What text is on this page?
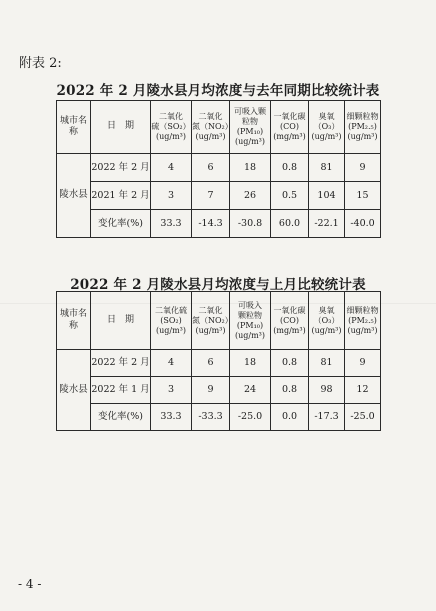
附表 2:
2022 年 2 月陵水县月均浓度与去年同期比较统计表
城市名称	日　期	二氧化
硫（SO₂）
(ug/m³)	二氧化
氮（NO₂）
(ug/m³)	可吸入颗
粒物
(PM₁₀)
(ug/m³)	一氧化碳
(CO)
(mg/m³)	臭氧（O₃）
(ug/m³)	细颗粒物
(PM₂.₅)
(ug/m³)

陵水县	2022 年 2 月	4	6	18	0.8	81	9
	2021 年 2 月	3	7	26	0.5	104	15
	变化率(%)	33.3	-14.3	-30.8	60.0	-22.1	-40.0
2022 年 2 月陵水县月均浓度与上月比较统计表
城市名称	日　期	二氧化硫
(SO₂)
(ug/m³)	二氧化
氮（NO₂）
(ug/m³)	可吸入
颗粒物
(PM₁₀)
(ug/m³)	一氧化碳
(CO)
(mg/m³)	臭氧（O₃）
(ug/m³)	细颗粒物
(PM₂.₅)
(ug/m³)

陵水县	2022 年 2 月	4	6	18	0.8	81	9
	2022 年 1 月	3	9	24	0.8	98	12
	变化率(%)	33.3	-33.3	-25.0	0.0	-17.3	-25.0
- 4 -
